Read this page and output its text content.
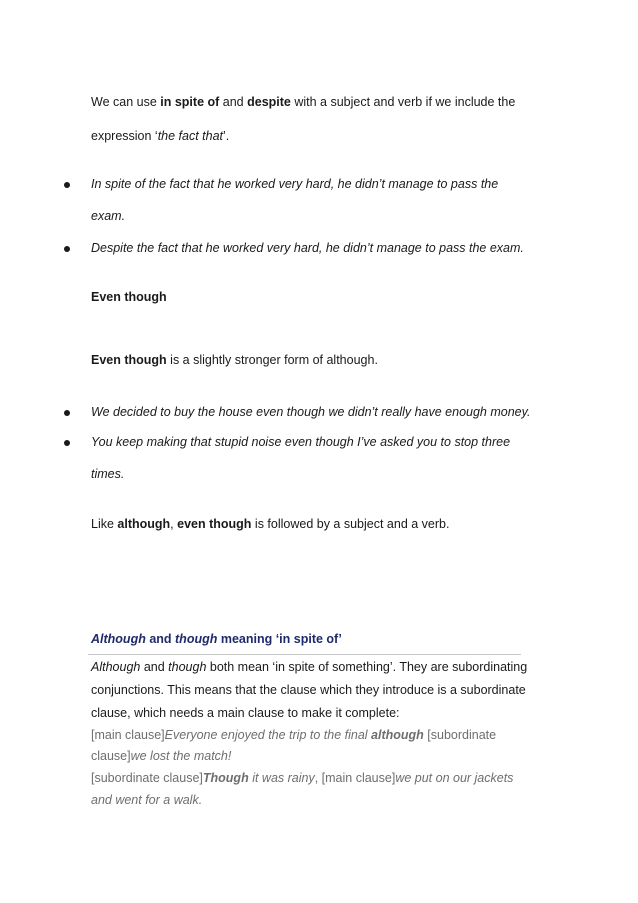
We can use in spite of and despite with a subject and verb if we include the
expression ‘the fact that’.
In spite of the fact that he worked very hard, he didn’t manage to pass the
exam.
Despite the fact that he worked very hard, he didn’t manage to pass the exam.
Even though
Even though is a slightly stronger form of although.
We decided to buy the house even though we didn’t really have enough money.
You keep making that stupid noise even though I’ve asked you to stop three
times.
Like although, even though is followed by a subject and a verb.
Although and though meaning ‘in spite of’
Although and though both mean ‘in spite of something’. They are subordinating
conjunctions. This means that the clause which they introduce is a subordinate
clause, which needs a main clause to make it complete:
[main clause]Everyone enjoyed the trip to the final although [subordinate
clause]we lost the match!
[subordinate clause]Though it was rainy, [main clause]we put on our jackets
and went for a walk.
